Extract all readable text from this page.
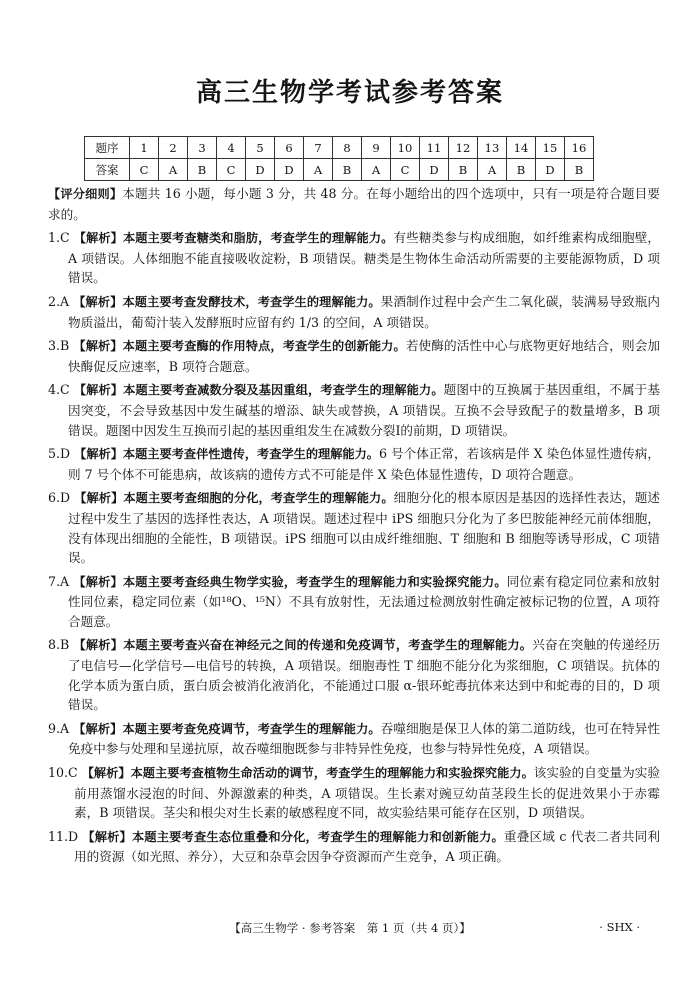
高三生物学考试参考答案
题序	1	2	3	4	5	6	7	8	9	10	11	12	13	14	15	16
答案	C	A	B	C	D	D	A	B	A	C	D	B	A	B	D	B

【评分细则】本题共 16 小题，每小题 3 分，共 48 分。在每小题给出的四个选项中，只有一项是符合题目要求的。

1.C 【解析】本题主要考查糖类和脂肪，考查学生的理解能力。有些糖类参与构成细胞，如纤维素构成细胞壁，A 项错误。人体细胞不能直接吸收淀粉，B 项错误。糖类是生物体生命活动所需要的主要能源物质，D 项错误。

2.A 【解析】本题主要考查发酵技术，考查学生的理解能力。果酒制作过程中会产生二氧化碳，装满易导致瓶内物质溢出，葡萄汁装入发酵瓶时应留有约 1/3 的空间，A 项错误。

3.B 【解析】本题主要考查酶的作用特点，考查学生的创新能力。若使酶的活性中心与底物更好地结合，则会加快酶促反应速率，B 项符合题意。

4.C 【解析】本题主要考查减数分裂及基因重组，考查学生的理解能力。题图中的互换属于基因重组，不属于基因突变，不会导致基因中发生碱基的增添、缺失或替换，A 项错误。互换不会导致配子的数量增多，B 项错误。题图中因发生互换而引起的基因重组发生在减数分裂Ⅰ的前期，D 项错误。

5.D 【解析】本题主要考查伴性遗传，考查学生的理解能力。6 号个体正常，若该病是伴 X 染色体显性遗传病，则 7 号个体不可能患病，故该病的遗传方式不可能是伴 X 染色体显性遗传，D 项符合题意。

6.D 【解析】本题主要考查细胞的分化，考查学生的理解能力。细胞分化的根本原因是基因的选择性表达，题述过程中发生了基因的选择性表达，A 项错误。题述过程中 iPS 细胞只分化为了多巴胺能神经元前体细胞，没有体现出细胞的全能性，B 项错误。iPS 细胞可以由成纤维细胞、T 细胞和 B 细胞等诱导形成，C 项错误。

7.A 【解析】本题主要考查经典生物学实验，考查学生的理解能力和实验探究能力。同位素有稳定同位素和放射性同位素，稳定同位素（如¹⁸O、¹⁵N）不具有放射性，无法通过检测放射性确定被标记物的位置，A 项符合题意。

8.B 【解析】本题主要考查兴奋在神经元之间的传递和免疫调节，考查学生的理解能力。兴奋在突触的传递经历了电信号—化学信号—电信号的转换，A 项错误。细胞毒性 T 细胞不能分化为浆细胞，C 项错误。抗体的化学本质为蛋白质，蛋白质会被消化液消化，不能通过口服 α-银环蛇毒抗体来达到中和蛇毒的目的，D 项错误。

9.A 【解析】本题主要考查免疫调节，考查学生的理解能力。吞噬细胞是保卫人体的第二道防线，也可在特异性免疫中参与处理和呈递抗原，故吞噬细胞既参与非特异性免疫，也参与特异性免疫，A 项错误。

10.C 【解析】本题主要考查植物生命活动的调节，考查学生的理解能力和实验探究能力。该实验的自变量为实验前用蒸馏水浸泡的时间、外源激素的种类，A 项错误。生长素对豌豆幼苗茎段生长的促进效果小于赤霉素，B 项错误。茎尖和根尖对生长素的敏感程度不同，故实验结果可能存在区别，D 项错误。

11.D 【解析】本题主要考查生态位重叠和分化，考查学生的理解能力和创新能力。重叠区域 c 代表二者共同利用的资源（如光照、养分），大豆和杂草会因争夺资源而产生竞争，A 项正确。

【高三生物学 · 参考答案　第 1 页（共 4 页）】	· SHX ·
